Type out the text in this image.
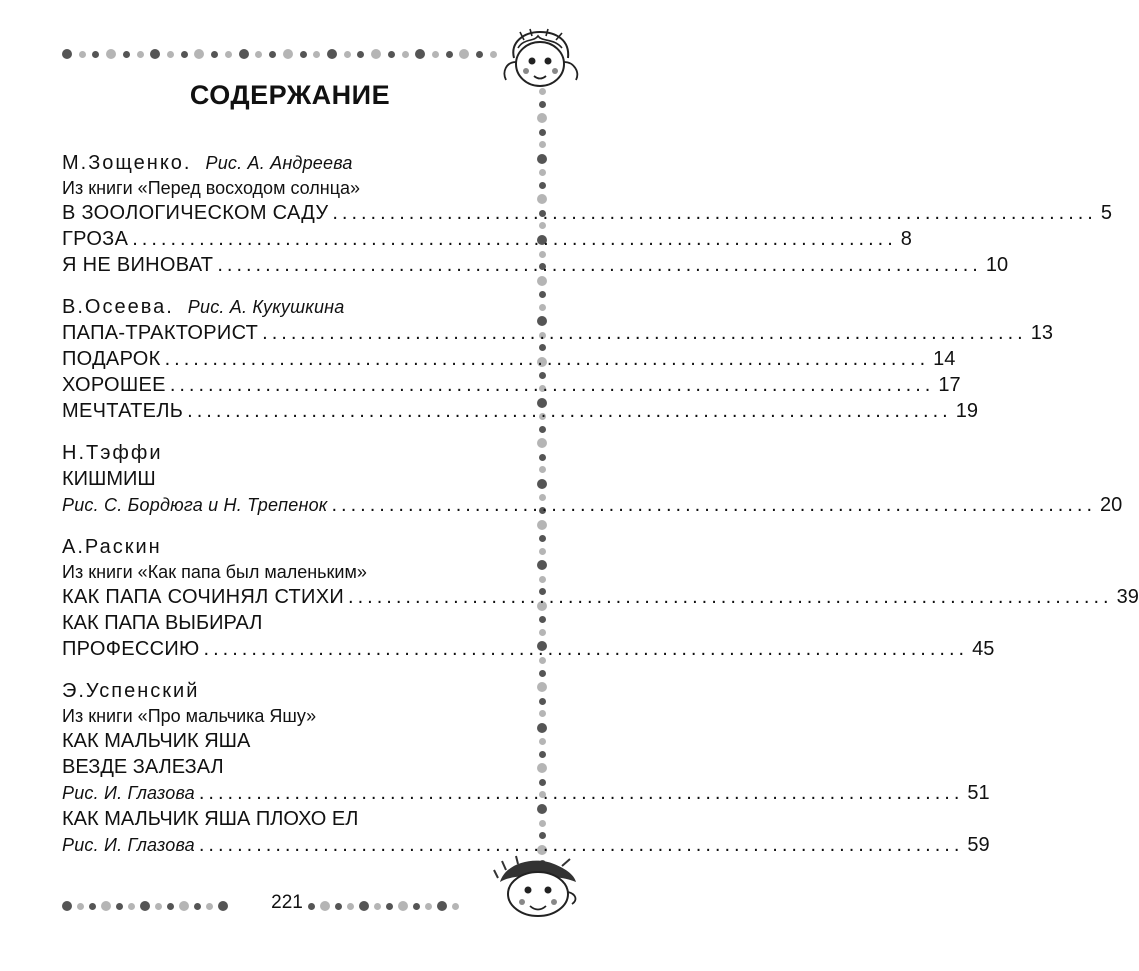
СОДЕРЖАНИЕ
М.Зощенко. Рис. А. Андреева
Из книги «Перед восходом солнца»
В ЗООЛОГИЧЕСКОМ САДУ ................................................................................ 5
ГРОЗА ................................................................................ 8
Я НЕ ВИНОВАТ ................................................................................ 10
В.Осеева. Рис. А. Кукушкина
ПАПА-ТРАКТОРИСТ ................................................................................ 13
ПОДАРОК ................................................................................ 14
ХОРОШЕЕ ................................................................................ 17
МЕЧТАТЕЛЬ ................................................................................ 19
Н.Тэффи
КИШМИШ
Рис. С. Бордюга и Н. Трепенок ................................................................................ 20
А.Раскин
Из книги «Как папа был маленьким»
КАК ПАПА СОЧИНЯЛ СТИХИ ................................................................................ 39
КАК ПАПА ВЫБИРАЛ
ПРОФЕССИЮ ................................................................................ 45
Э.Успенский
Из книги «Про мальчика Яшу»
КАК МАЛЬЧИК ЯША
ВЕЗДЕ ЗАЛЕЗАЛ
Рис. И. Глазова ................................................................................ 51
КАК МАЛЬЧИК ЯША ПЛОХО ЕЛ
Рис. И. Глазова ................................................................................ 59
221
